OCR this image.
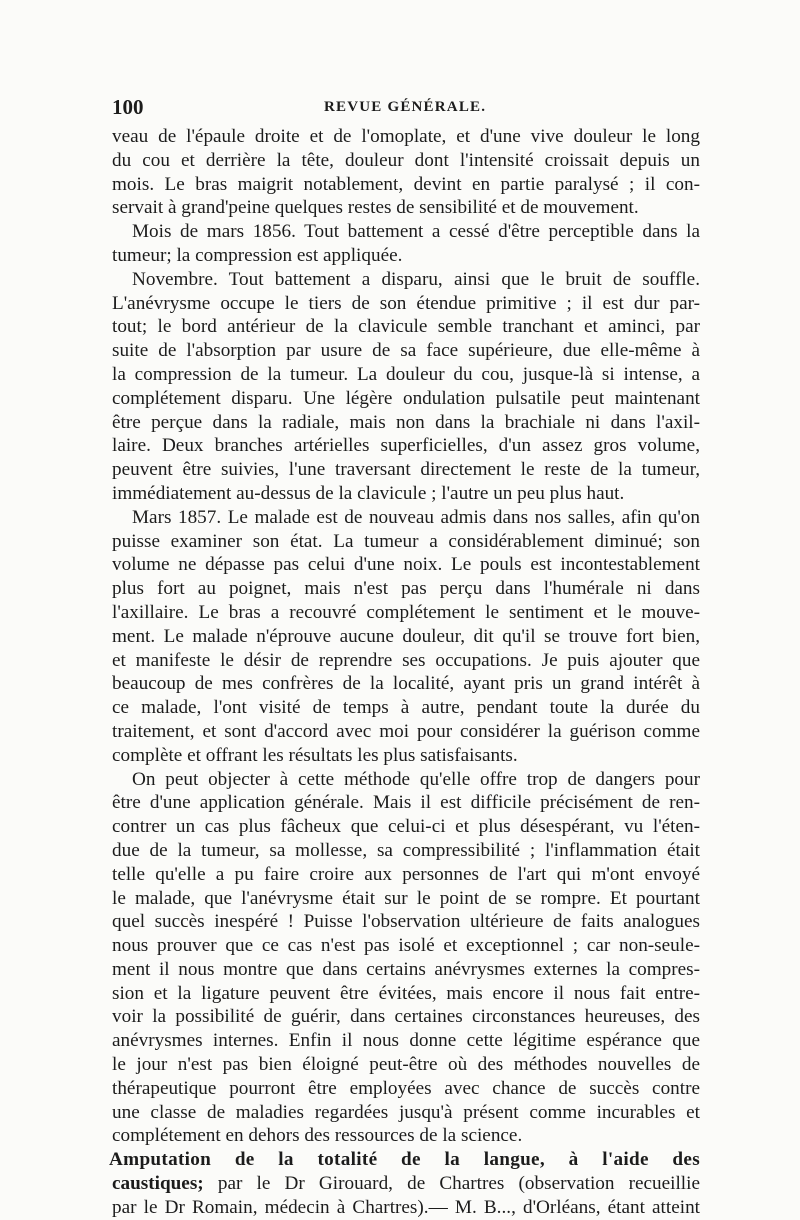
100	REVUE GÉNÉRALE.
veau de l'épaule droite et de l'omoplate, et d'une vive douleur le long
du cou et derrière la tête, douleur dont l'intensité croissait depuis un
mois. Le bras maigrit notablement, devint en partie paralysé ; il con-
servait à grand'peine quelques restes de sensibilité et de mouvement.
Mois de mars 1856. Tout battement a cessé d'être perceptible dans la
tumeur; la compression est appliquée.
Novembre. Tout battement a disparu, ainsi que le bruit de souffle.
L'anévrysme occupe le tiers de son étendue primitive ; il est dur par-
tout; le bord antérieur de la clavicule semble tranchant et aminci, par
suite de l'absorption par usure de sa face supérieure, due elle-même à
la compression de la tumeur. La douleur du cou, jusque-là si intense, a
complétement disparu. Une légère ondulation pulsatile peut maintenant
être perçue dans la radiale, mais non dans la brachiale ni dans l'axil-
laire. Deux branches artérielles superficielles, d'un assez gros volume,
peuvent être suivies, l'une traversant directement le reste de la tumeur,
immédiatement au-dessus de la clavicule ; l'autre un peu plus haut.
Mars 1857. Le malade est de nouveau admis dans nos salles, afin qu'on
puisse examiner son état. La tumeur a considérablement diminué; son
volume ne dépasse pas celui d'une noix. Le pouls est incontestablement
plus fort au poignet, mais n'est pas perçu dans l'humérale ni dans
l'axillaire. Le bras a recouvré complétement le sentiment et le mouve-
ment. Le malade n'éprouve aucune douleur, dit qu'il se trouve fort bien,
et manifeste le désir de reprendre ses occupations. Je puis ajouter que
beaucoup de mes confrères de la localité, ayant pris un grand intérêt à
ce malade, l'ont visité de temps à autre, pendant toute la durée du
traitement, et sont d'accord avec moi pour considérer la guérison comme
complète et offrant les résultats les plus satisfaisants.
On peut objecter à cette méthode qu'elle offre trop de dangers pour
être d'une application générale. Mais il est difficile précisément de ren-
contrer un cas plus fâcheux que celui-ci et plus désespérant, vu l'éten-
due de la tumeur, sa mollesse, sa compressibilité ; l'inflammation était
telle qu'elle a pu faire croire aux personnes de l'art qui m'ont envoyé
le malade, que l'anévrysme était sur le point de se rompre. Et pourtant
quel succès inespéré ! Puisse l'observation ultérieure de faits analogues
nous prouver que ce cas n'est pas isolé et exceptionnel ; car non-seule-
ment il nous montre que dans certains anévrysmes externes la compres-
sion et la ligature peuvent être évitées, mais encore il nous fait entre-
voir la possibilité de guérir, dans certaines circonstances heureuses, des
anévrysmes internes. Enfin il nous donne cette légitime espérance que
le jour n'est pas bien éloigné peut-être où des méthodes nouvelles de
thérapeutique pourront être employées avec chance de succès contre
une classe de maladies regardées jusqu'à présent comme incurables et
complétement en dehors des ressources de la science.
Amputation de la totalité de la langue, à l'aide des
caustiques; par le Dr Girouard, de Chartres (observation recueillie
par le Dr Romain, médecin à Chartres).— M. B..., d'Orléans, étant atteint
